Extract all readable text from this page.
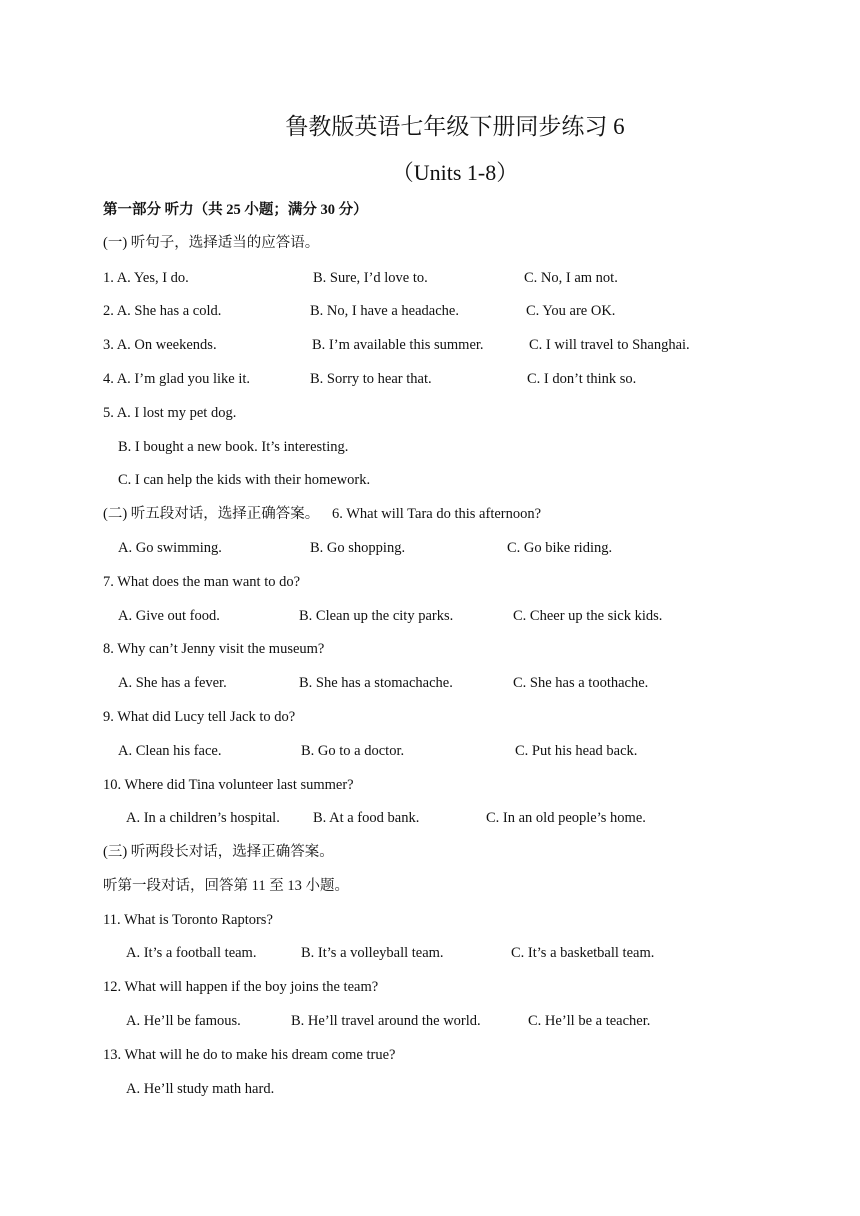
鲁教版英语七年级下册同步练习 6
（Units 1-8）
第一部分 听力（共 25 小题；满分 30 分）
(一) 听句子，选择适当的应答语。
1. A. Yes, I do.	B. Sure, I’d love to.	C. No, I am not.
2. A. She has a cold.	B. No, I have a headache.	C. You are OK.
3. A. On weekends.	B. I’m available this summer.	C. I will travel to Shanghai.
4. A. I’m glad you like it.	B. Sorry to hear that.	C. I don’t think so.
5. A. I lost my pet dog.
B. I bought a new book. It’s interesting.
C. I can help the kids with their homework.
(二) 听五段对话，选择正确答案。 6. What will Tara do this afternoon?
A. Go swimming.	B. Go shopping.	C. Go bike riding.
7. What does the man want to do?
A. Give out food.	B. Clean up the city parks.	C. Cheer up the sick kids.
8. Why can’t Jenny visit the museum?
A. She has a fever.	B. She has a stomachache.	C. She has a toothache.
9. What did Lucy tell Jack to do?
A. Clean his face.	B. Go to a doctor.	C. Put his head back.
10. Where did Tina volunteer last summer?
A. In a children’s hospital. B. At a food bank.	C. In an old people’s home.
(三) 听两段长对话，选择正确答案。
听第一段对话，回答第 11 至 13 小题。
11. What is Toronto Raptors?
A. It’s a football team.	B. It’s a volleyball team.	C. It’s a basketball team.
12. What will happen if the boy joins the team?
A. He’ll be famous.	B. He’ll travel around the world.	C. He’ll be a teacher.
13. What will he do to make his dream come true?
A. He’ll study math hard.
